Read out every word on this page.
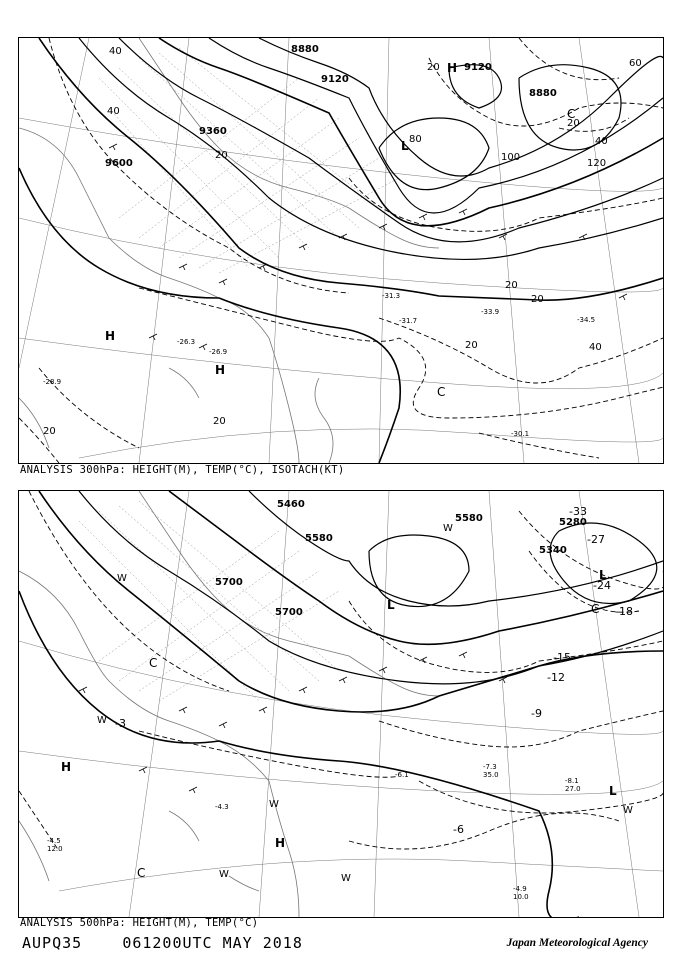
8880
9120
9120
8880
9360
9600
40
40
20
20	60
40
20
80
100
120
20
20
20	40
20
20
H
L
H
H
C
C
-31.3
-33.9
-34.5
-30.1
-31.7
-26.9
-26.3
-28.9
ANALYSIS 300hPa: HEIGHT(M), TEMP(°C), ISOTACH(KT)
5460
5580
5580
5700
5700
5280
5340
-33
-27
-24
-18
-15
-12
-9
-6
-3
L
L
H
H
L
C
C
C
W
W
W
W	W
W
W
-7.3
35.0
-8.1
27.0
-6.1
-4.9
10.0
-4.3
-4.5
12.0
ANALYSIS 500hPa: HEIGHT(M), TEMP(°C)
AUPQ35	061200UTC MAY 2018	Japan Meteorological Agency
